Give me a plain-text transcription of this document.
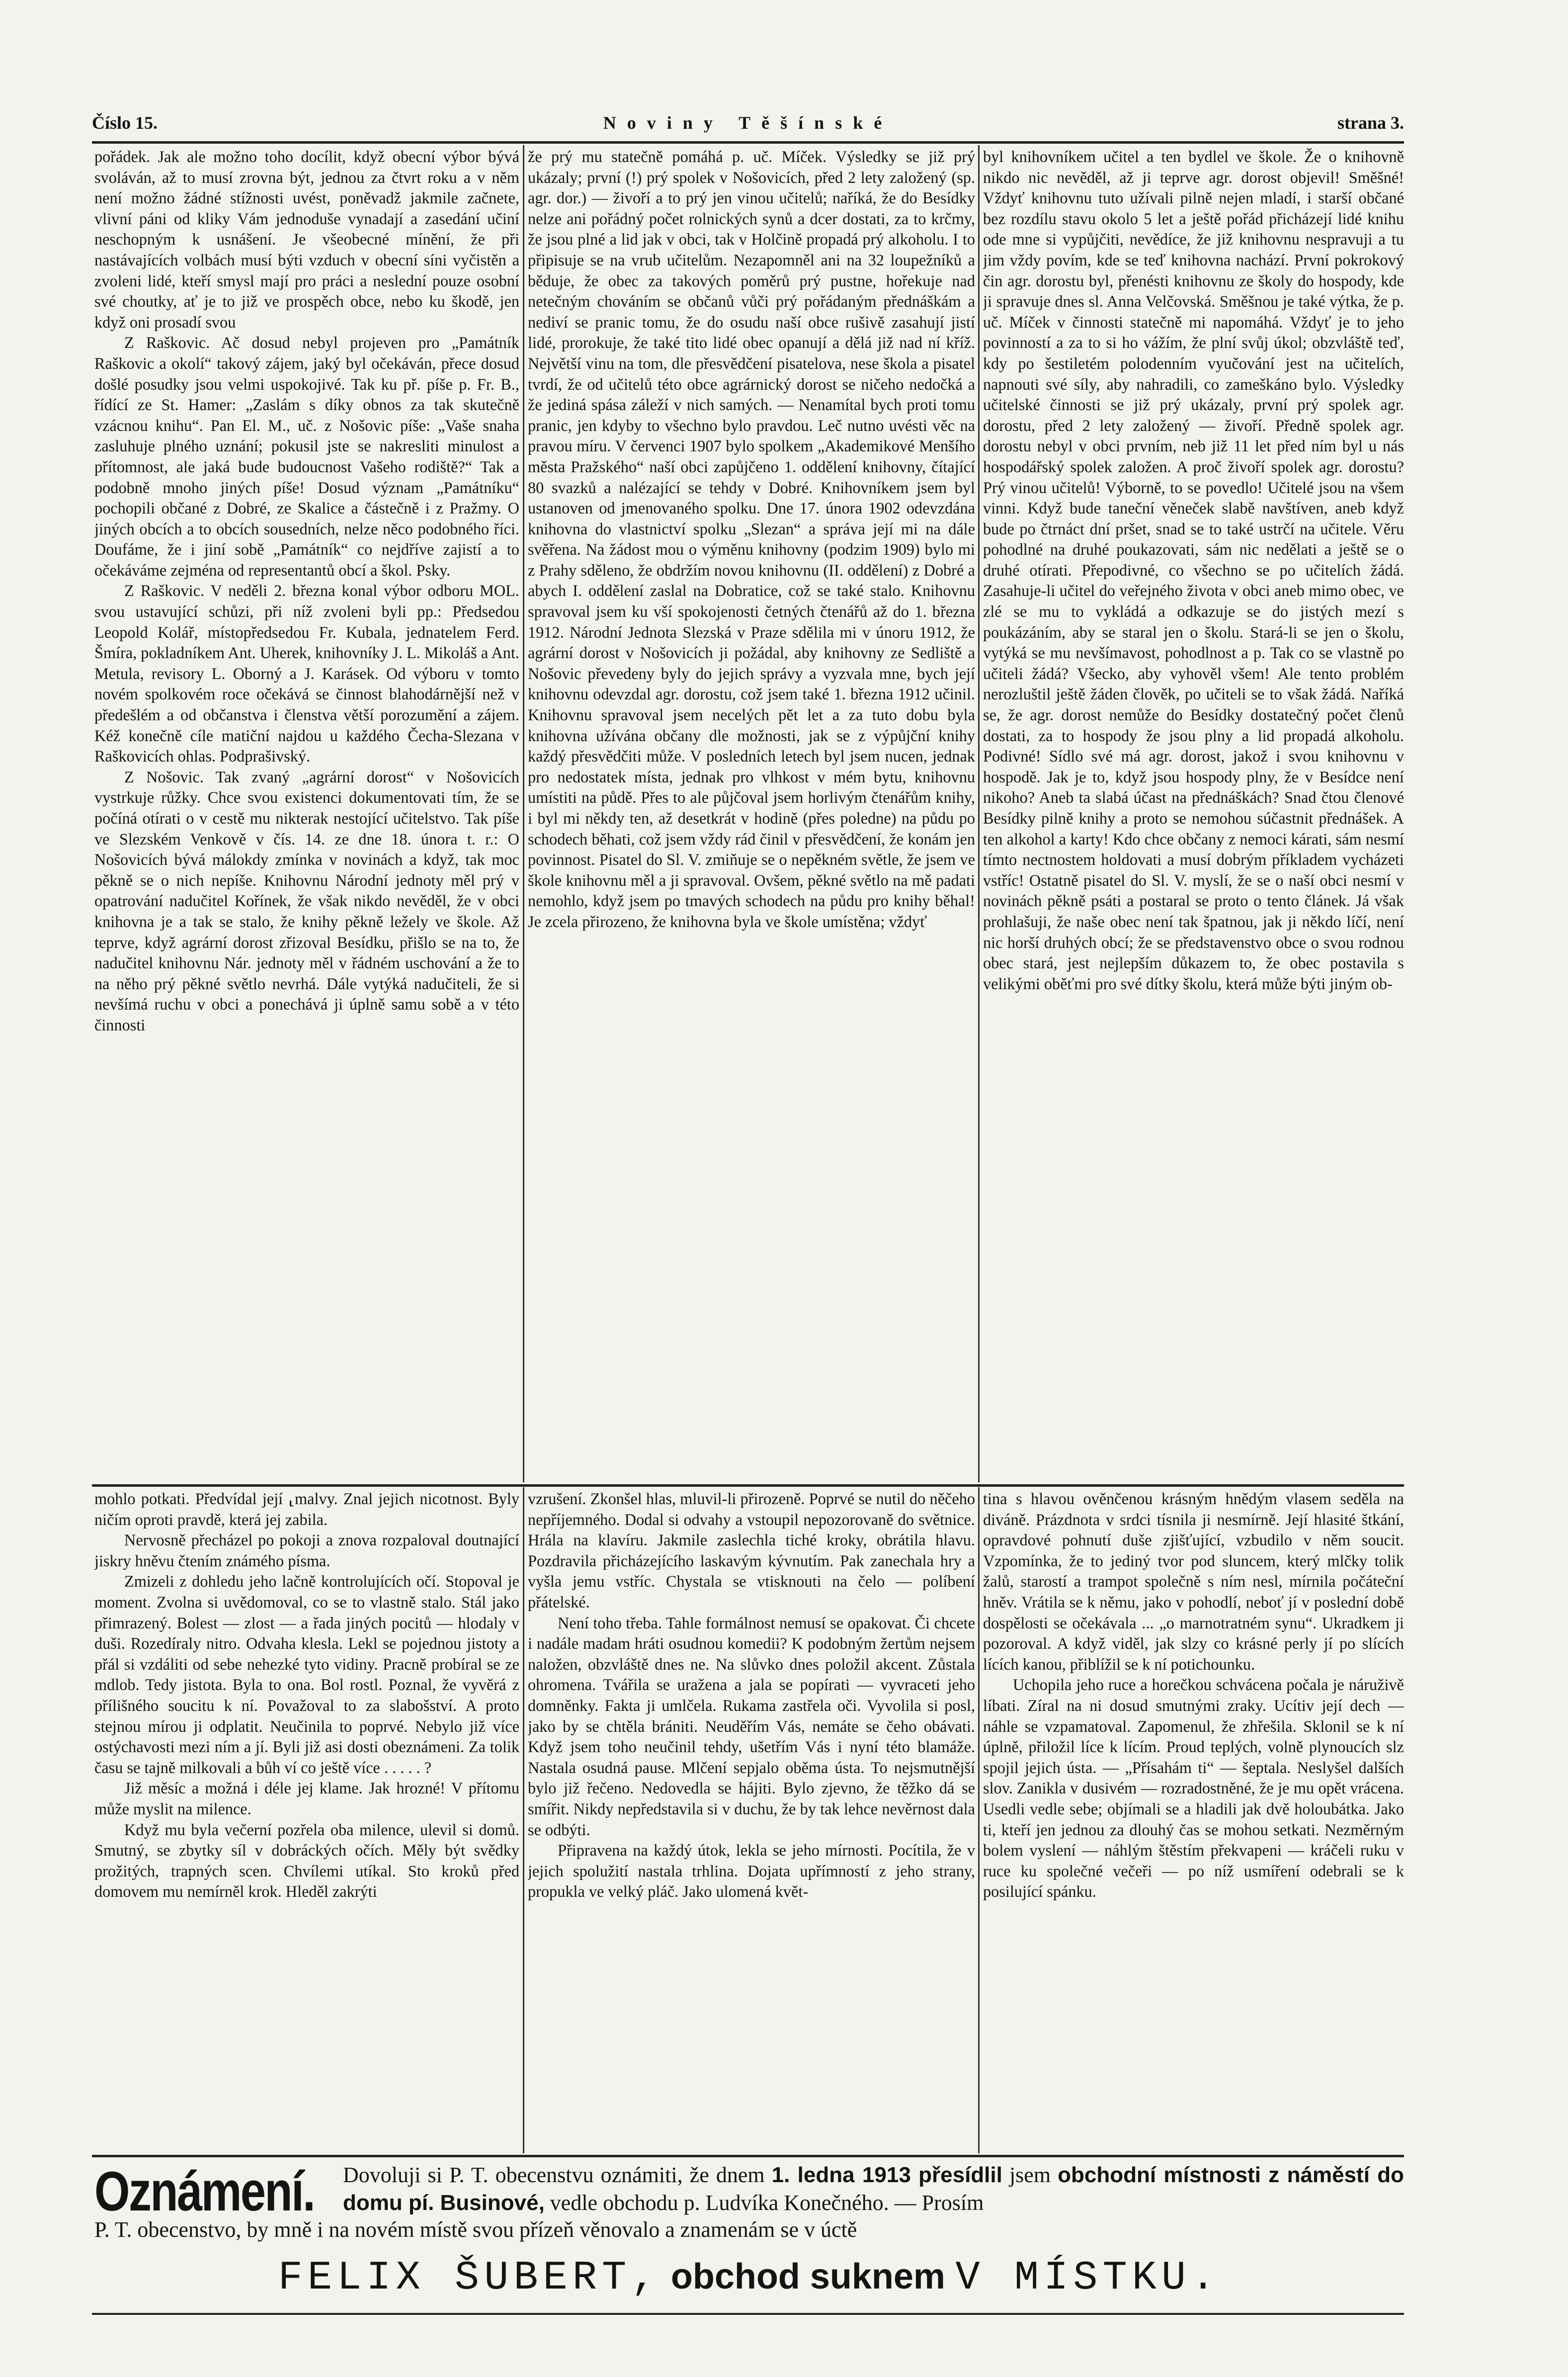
Číslo 15.	Noviny Těšínské	strana 3.

pořádek. Jak ale možno toho docílit, když obecní výbor bývá svoláván, až to musí zrovna být, jednou za čtvrt roku a v něm není možno žádné stížnosti uvést, poněvadž jakmile začnete, vlivní páni od kliky Vám jednoduše vynadají a zasedání učiní neschopným k usnášení. Je všeobecné mínění, že při nastávajících volbách musí býti vzduch v obecní síni vyčistěn a zvoleni lidé, kteří smysl mají pro práci a neslední pouze osobní své choutky, ať je to již ve prospěch obce, nebo ku škodě, jen když oni prosadí svou

Z Raškovic. Ač dosud nebyl projeven pro „Památník Raškovic a okolí“ takový zájem, jaký byl očekáván, přece dosud došlé posudky jsou velmi uspokojivé. Tak ku př. píše p. Fr. B., řídící ze St. Hamer: „Zaslám s díky obnos za tak skutečně vzácnou knihu“. Pan El. M., uč. z Nošovic píše: „Vaše snaha zasluhuje plného uznání; pokusil jste se nakresliti minulost a přítomnost, ale jaká bude budoucnost Vašeho rodiště?“ Tak a podobně mnoho jiných píše! Dosud význam „Památníku“ pochopili občané z Dobré, ze Skalice a částečně i z Pražmy. O jiných obcích a to obcích sousedních, nelze něco podobného říci. Doufáme, že i jiní sobě „Památník“ co nejdříve zajistí a to očekáváme zejména od representantů obcí a škol. Psky.

Z Raškovic. V neděli 2. března konal výbor odboru MOL. svou ustavující schůzi, při níž zvoleni byli pp.: Předsedou Leopold Kolář, místopředsedou Fr. Kubala, jednatelem Ferd. Šmíra, pokladníkem Ant. Uherek, knihovníky J. L. Mikoláš a Ant. Metula, revisory L. Oborný a J. Karásek. Od výboru v tomto novém spolkovém roce očekává se činnost blahodárnější než v předešlém a od občanstva i členstva větší porozumění a zájem. Kéž konečně cíle matiční najdou u každého Čecha-Slezana v Raškovicích ohlas. Podprašivský.

Z Nošovic. Tak zvaný „agrární dorost“ v Nošovicích vystrkuje růžky. Chce svou existenci dokumentovati tím, že se počíná otírati o v cestě mu nikterak nestojící učitelstvo. Tak píše ve Slezském Venkově v čís. 14. ze dne 18. února t. r.: O Nošovicích bývá málokdy zmínka v novinách a když, tak moc pěkně se o nich nepíše. Knihovnu Národní jednoty měl prý v opatrování nadučitel Kořínek, že však nikdo nevěděl, že v obci knihovna je a tak se stalo, že knihy pěkně ležely ve škole. Až teprve, když agrární dorost zřizoval Besídku, přišlo se na to, že nadučitel knihovnu Nár. jednoty měl v řádném uschování a že to na něho prý pěkné světlo nevrhá. Dále vytýká nadučiteli, že si nevšímá ruchu v obci a ponechává ji úplně samu sobě a v této činnosti

že prý mu statečně pomáhá p. uč. Míček. Výsledky se již prý ukázaly; první (!) prý spolek v Nošovicích, před 2 lety založený (sp. agr. dor.) — živoří a to prý jen vinou učitelů; naříká, že do Besídky nelze ani pořádný počet rolnických synů a dcer dostati, za to krčmy, že jsou plné a lid jak v obci, tak v Holčině propadá prý alkoholu. I to připisuje se na vrub učitelům. Nezapomněl ani na 32 loupežníků a běduje, že obec za takových poměrů prý pustne, hořekuje nad netečným chováním se občanů vůči prý pořádaným přednáškám a nediví se pranic tomu, že do osudu naší obce rušivě zasahují jistí lidé, prorokuje, že také tito lidé obec opanují a dělá již nad ní kříž. Největší vinu na tom, dle přesvědčení pisatelova, nese škola a pisatel tvrdí, že od učitelů této obce agrárnický dorost se ničeho nedočká a že jediná spása záleží v nich samých. — Nenamítal bych proti tomu pranic, jen kdyby to všechno bylo pravdou. Leč nutno uvésti věc na pravou míru. V červenci 1907 bylo spolkem „Akademikové Menšího města Pražského“ naší obci zapůjčeno 1. oddělení knihovny, čítající 80 svazků a nalézající se tehdy v Dobré. Knihovníkem jsem byl ustanoven od jmenovaného spolku. Dne 17. února 1902 odevzdána knihovna do vlastnictví spolku „Slezan“ a správa její mi na dále svěřena. Na žádost mou o výměnu knihovny (podzim 1909) bylo mi z Prahy sděleno, že obdržím novou knihovnu (II. oddělení) z Dobré a abych I. oddělení zaslal na Dobratice, což se také stalo. Knihovnu spravoval jsem ku vší spokojenosti četných čtenářů až do 1. března 1912. Národní Jednota Slezská v Praze sdělila mi v únoru 1912, že agrární dorost v Nošovicích ji požádal, aby knihovny ze Sedliště a Nošovic převedeny byly do jejich správy a vyzvala mne, bych její knihovnu odevzdal agr. dorostu, což jsem také 1. března 1912 učinil. Knihovnu spravoval jsem necelých pět let a za tuto dobu byla knihovna užívána občany dle možnosti, jak se z výpůjční knihy každý přesvědčiti může. V posledních letech byl jsem nucen, jednak pro nedostatek místa, jednak pro vlhkost v mém bytu, knihovnu umístiti na půdě. Přes to ale půjčoval jsem horlivým čtenářům knihy, i byl mi někdy ten, až desetkrát v hodině (přes poledne) na půdu po schodech běhati, což jsem vždy rád činil v přesvědčení, že konám jen povinnost. Pisatel do Sl. V. zmiňuje se o nepěkném světle, že jsem ve škole knihovnu měl a ji spravoval. Ovšem, pěkné světlo na mě padati nemohlo, když jsem po tmavých schodech na půdu pro knihy běhal! Je zcela přirozeno, že knihovna byla ve škole umístěna; vždyť

byl knihovníkem učitel a ten bydlel ve škole. Že o knihovně nikdo nic nevěděl, až ji teprve agr. dorost objevil! Směšné! Vždyť knihovnu tuto užívali pilně nejen mladí, i starší občané bez rozdílu stavu okolo 5 let a ještě pořád přicházejí lidé knihu ode mne si vypůjčiti, nevědíce, že již knihovnu nespravuji a tu jim vždy povím, kde se teď knihovna nachází. První pokrokový čin agr. dorostu byl, přenésti knihovnu ze školy do hospody, kde ji spravuje dnes sl. Anna Velčovská. Směšnou je také výtka, že p. uč. Míček v činnosti statečně mi napomáhá. Vždyť je to jeho povinností a za to si ho vážím, že plní svůj úkol; obzvláště teď, kdy po šestiletém polodenním vyučování jest na učitelích, napnouti své síly, aby nahradili, co zameškáno bylo. Výsledky učitelské činnosti se již prý ukázaly, první prý spolek agr. dorostu, před 2 lety založený — živoří. Předně spolek agr. dorostu nebyl v obci prvním, neb již 11 let před ním byl u nás hospodářský spolek založen. A proč živoří spolek agr. dorostu? Prý vinou učitelů! Výborně, to se povedlo! Učitelé jsou na všem vinni. Když bude taneční věneček slabě navštíven, aneb když bude po čtrnáct dní pršet, snad se to také ustrčí na učitele. Věru pohodlné na druhé poukazovati, sám nic nedělati a ještě se o druhé otírati. Přepodivné, co všechno se po učitelích žádá. Zasahuje-li učitel do veřejného života v obci aneb mimo obec, ve zlé se mu to vykládá a odkazuje se do jistých mezí s poukázáním, aby se staral jen o školu. Stará-li se jen o školu, vytýká se mu nevšímavost, pohodlnost a p. Tak co se vlastně po učiteli žádá? Všecko, aby vyhověl všem! Ale tento problém nerozluštil ještě žáden člověk, po učiteli se to však žádá. Naříká se, že agr. dorost nemůže do Besídky dostatečný počet členů dostati, za to hospody že jsou plny a lid propadá alkoholu. Podivné! Sídlo své má agr. dorost, jakož i svou knihovnu v hospodě. Jak je to, když jsou hospody plny, že v Besídce není nikoho? Aneb ta slabá účast na přednáškách? Snad čtou členové Besídky pilně knihy a proto se nemohou súčastnit přednášek. A ten alkohol a karty! Kdo chce občany z nemoci kárati, sám nesmí tímto nectnostem holdovati a musí dobrým příkladem vycházeti vstříc! Ostatně pisatel do Sl. V. myslí, že se o naší obci nesmí v novinách pěkně psáti a postaral se proto o tento článek. Já však prohlašuji, že naše obec není tak špatnou, jak ji někdo líčí, není nic horší druhých obcí; že se představenstvo obce o svou rodnou obec stará, jest nejlepším důkazem to, že obec postavila s velikými oběťmi pro své dítky školu, která může býti jiným ob-

mohlo potkati. Předvídal její ⸤malvy. Znal jejich nicotnost. Byly ničím oproti pravdě, která jej zabila.

Nervosně přecházel po pokoji a znova rozpaloval doutnající jiskry hněvu čtením známého písma.

Zmizeli z dohledu jeho lačně kontrolujících očí. Stopoval je moment. Zvolna si uvědomoval, co se to vlastně stalo. Stál jako přimrazený. Bolest — zlost — a řada jiných pocitů — hlodaly v duši. Rozedíraly nitro. Odvaha klesla. Lekl se pojednou jistoty a přál si vzdáliti od sebe nehezké tyto vidiny. Pracně probíral se ze mdlob. Tedy jistota. Byla to ona. Bol rostl. Poznal, že vyvěrá z přílišného soucitu k ní. Považoval to za slabošství. A proto stejnou mírou ji odplatit. Neučinila to poprvé. Nebylo již více ostýchavosti mezi ním a jí. Byli již asi dosti obeznámeni. Za tolik času se tajně milkovali a bůh ví co ještě více . . . . . ?

Již měsíc a možná i déle jej klame. Jak hrozné! V přítomu může myslit na milence.

Když mu byla večerní pozřela oba milence, ulevil si domů. Smutný, se zbytky síl v dobráckých očích. Měly být svědky prožitých, trapných scen. Chvílemi utíkal. Sto kroků před domovem mu nemírněl krok. Hleděl zakrýti

vzrušení. Zkonšel hlas, mluvil-li přirozeně. Poprvé se nutil do něčeho nepříjemného. Dodal si odvahy a vstoupil nepozorovaně do světnice. Hrála na klavíru. Jakmile zaslechla tiché kroky, obrátila hlavu. Pozdravila přicházejícího laskavým kývnutím. Pak zanechala hry a vyšla jemu vstříc. Chystala se vtisknouti na čelo — políbení přátelské.

Není toho třeba. Tahle formálnost nemusí se opakovat. Či chcete i nadále madam hráti osudnou komedii? K podobným žertům nejsem naložen, obzvláště dnes ne. Na slůvko dnes položil akcent. Zůstala ohromena. Tvářila se uražena a jala se popírati — vyvraceti jeho domněnky. Fakta ji umlčela. Rukama zastřela oči. Vyvolila si posl, jako by se chtěla brániti. Neuděřím Vás, nemáte se čeho obávati. Když jsem toho neučinil tehdy, ušetřím Vás i nyní této blamáže. Nastala osudná pause. Mlčení sepjalo oběma ústa. To nejsmutnější bylo již řečeno. Nedovedla se hájiti. Bylo zjevno, že těžko dá se smířit. Nikdy nepředstavila si v duchu, že by tak lehce nevěrnost dala se odbýti.

Připravena na každý útok, lekla se jeho mírnosti. Pocítila, že v jejich spolužití nastala trhlina. Dojata upřímností z jeho strany, propukla ve velký pláč. Jako ulomená květ-

tina s hlavou ověnčenou krásným hnědým vlasem seděla na diváně. Prázdnota v srdci tísnila ji nesmírně. Její hlasité štkání, opravdové pohnutí duše zjišťující, vzbudilo v něm soucit. Vzpomínka, že to jediný tvor pod sluncem, který mlčky tolik žalů, starostí a trampot společně s ním nesl, mírnila počáteční hněv. Vrátila se k němu, jako v pohodlí, neboť jí v poslední době dospělosti se očekávala ... „o marnotratném synu“. Ukradkem ji pozoroval. A když viděl, jak slzy co krásné perly jí po slících lících kanou, přiblížil se k ní potichounku.

Uchopila jeho ruce a horečkou schvácena počala je náruživě líbati. Zíral na ni dosud smutnými zraky. Ucítiv její dech — náhle se vzpamatoval. Zapomenul, že zhřešila. Sklonil se k ní úplně, přiložil líce k lícím. Proud teplých, volně plynoucích slz spojil jejich ústa. — „Přísahám ti“ — šeptala. Neslyšel dalších slov. Zanikla v dusivém — rozradostněné, že je mu opět vrácena. Usedli vedle sebe; objímali se a hladili jak dvě holoubátka. Jako ti, kteří jen jednou za dlouhý čas se mohou setkati. Nezměrným bolem vyslení — náhlým štěstím překvapeni — kráčeli ruku v ruce ku společné večeři — po níž usmíření odebrali se k posilující spánku.

Oznámení. Dovoluji si P. T. obecenstvu oznámiti, že dnem 1. ledna 1913 přesídlil jsem obchodní místnosti z náměstí do domu pí. Businové, vedle obchodu p. Ludvíka Konečného. — Prosím
P. T. obecenstvo, by mně i na novém místě svou přízeň věnovalo a znamenám se v úctě
FELIX ŠUBERT, obchod suknem V MÍSTKU.
